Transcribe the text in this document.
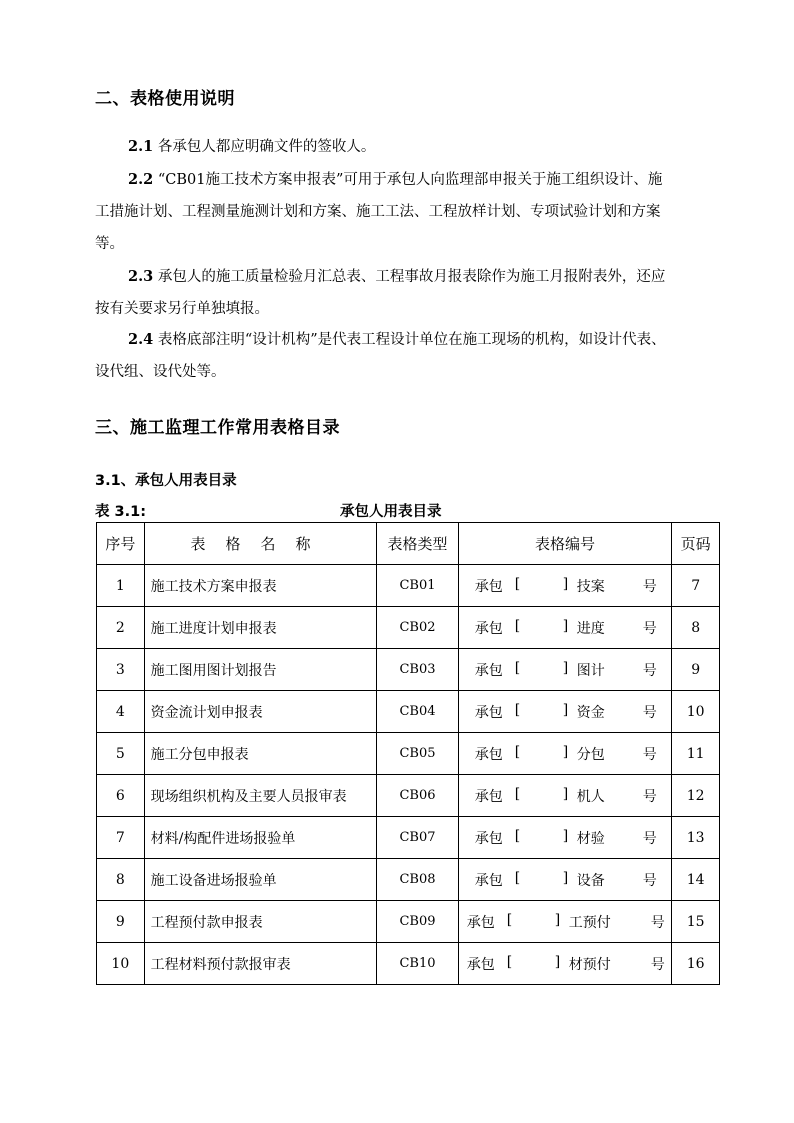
二、表格使用说明
2.1 各承包人都应明确文件的签收人。
2.2 “CB01施工技术方案申报表”可用于承包人向监理部申报关于施工组织设计、施
工措施计划、工程测量施测计划和方案、施工工法、工程放样计划、专项试验计划和方案
等。
2.3 承包人的施工质量检验月汇总表、工程事故月报表除作为施工月报附表外，还应
按有关要求另行单独填报。
2.4 表格底部注明“设计机构”是代表工程设计单位在施工现场的机构，如设计代表、
设代组、设代处等。
三、施工监理工作常用表格目录
3.1、承包人用表目录
表 3.1:	承包人用表目录
序号	表格名称	表格类型	表格编号	页码
1	施工技术方案申报表	CB01	承包 [ ] 技案 号	7
2	施工进度计划申报表	CB02	承包 [ ] 进度 号	8
3	施工图用图计划报告	CB03	承包 [ ] 图计 号	9
4	资金流计划申报表	CB04	承包 [ ] 资金 号	10
5	施工分包申报表	CB05	承包 [ ] 分包 号	11
6	现场组织机构及主要人员报审表	CB06	承包 [ ] 机人 号	12
7	材料/构配件进场报验单	CB07	承包 [ ] 材验 号	13
8	施工设备进场报验单	CB08	承包 [ ] 设备 号	14
9	工程预付款申报表	CB09	承包 [ ] 工预付 号	15
10	工程材料预付款报审表	CB10	承包 [ ] 材预付 号	16
